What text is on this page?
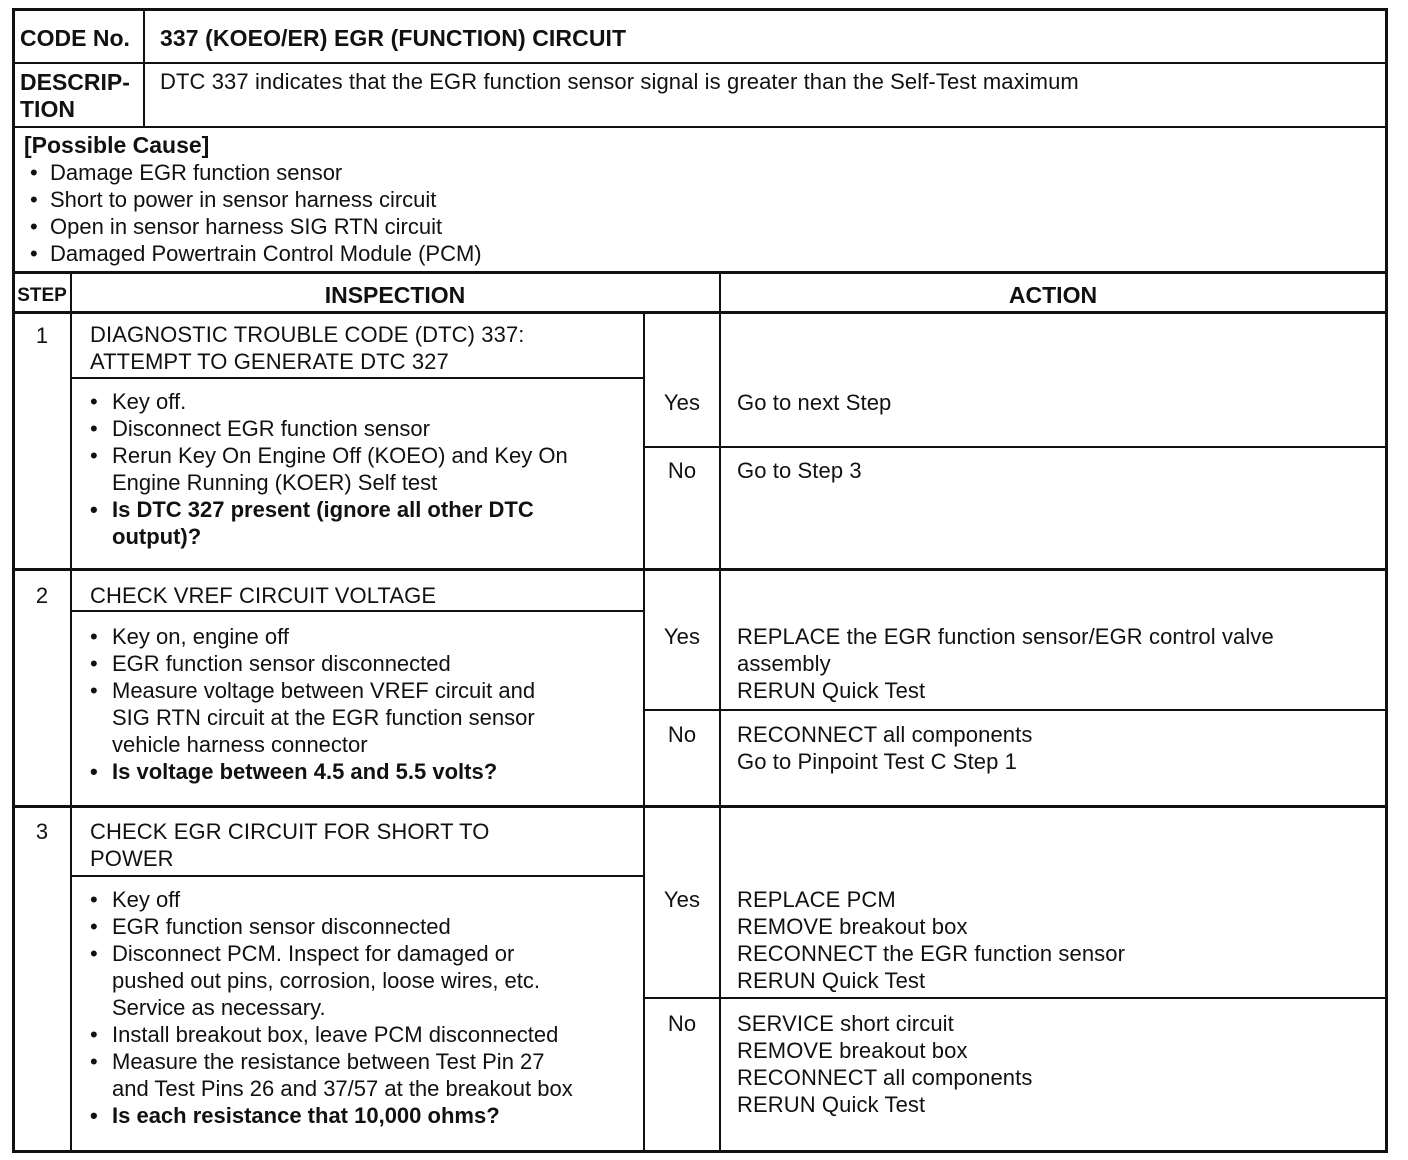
CODE No. 337 (KOEO/ER) EGR (FUNCTION) CIRCUIT
DESCRIP-
TION
DTC 337 indicates that the EGR function sensor signal is greater than the Self-Test maximum
[Possible Cause]
• Damage EGR function sensor
• Short to power in sensor harness circuit
• Open in sensor harness SIG RTN circuit
• Damaged Powertrain Control Module (PCM)
STEP	INSPECTION	ACTION
1	DIAGNOSTIC TROUBLE CODE (DTC) 337:
ATTEMPT TO GENERATE DTC 327
• Key off.
• Disconnect EGR function sensor
• Rerun Key On Engine Off (KOEO) and Key On
Engine Running (KOER) Self test
• Is DTC 327 present (ignore all other DTC
output)?
Yes	Go to next Step
No	Go to Step 3
2	CHECK VREF CIRCUIT VOLTAGE
• Key on, engine off
• EGR function sensor disconnected
• Measure voltage between VREF circuit and
SIG RTN circuit at the EGR function sensor
vehicle harness connector
• Is voltage between 4.5 and 5.5 volts?
Yes	REPLACE the EGR function sensor/EGR control valve
assembly
RERUN Quick Test
No	RECONNECT all components
Go to Pinpoint Test C Step 1
3	CHECK EGR CIRCUIT FOR SHORT TO
POWER
• Key off
• EGR function sensor disconnected
• Disconnect PCM. Inspect for damaged or
pushed out pins, corrosion, loose wires, etc.
Service as necessary.
• Install breakout box, leave PCM disconnected
• Measure the resistance between Test Pin 27
and Test Pins 26 and 37/57 at the breakout box
• Is each resistance that 10,000 ohms?
Yes	REPLACE PCM
REMOVE breakout box
RECONNECT the EGR function sensor
RERUN Quick Test
No	SERVICE short circuit
REMOVE breakout box
RECONNECT all components
RERUN Quick Test
